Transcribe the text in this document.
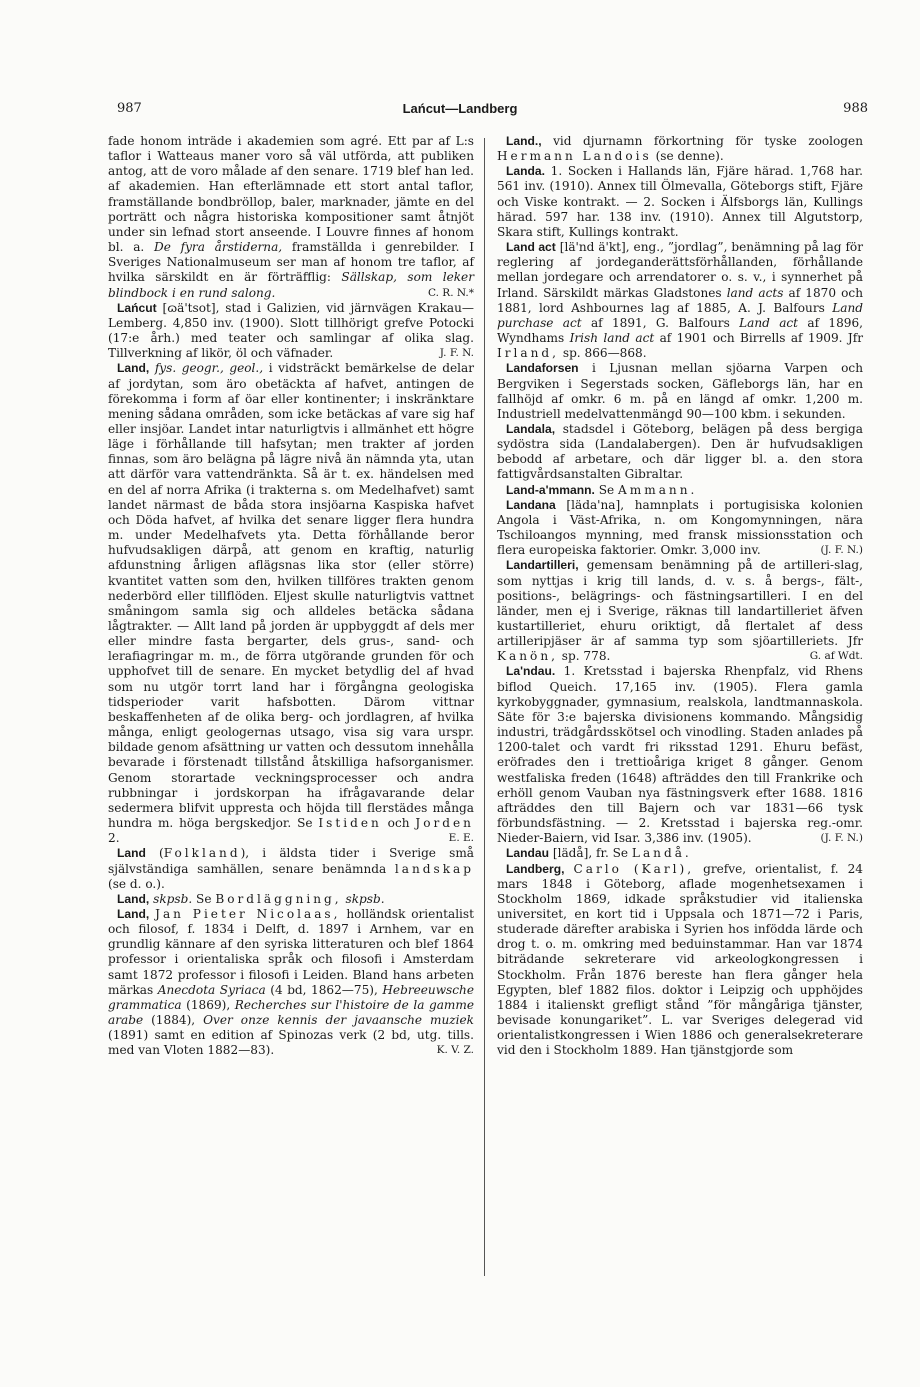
987	Lańcut—Landberg	988

fade honom inträde i akademien som agré. Ett par af L:s taflor i Watteaus maner voro så väl utförda, att publiken antog, att de voro målade af den senare. 1719 blef han led. af akademien. Han efterlämnade ett stort antal taflor, framställande bondbröllop, baler, marknader, jämte en del porträtt och några historiska kompositioner samt åtnjöt under sin lefnad stort anseende. I Louvre finnes af honom bl. a. De fyra årstiderna, framställda i genrebilder. I Sveriges Nationalmuseum ser man af honom tre taflor, af hvilka särskildt en är förträfflig: Sällskap, som leker blindbock i en rund salong.	C. R. N.*

Lańcut [ɷä'tsot], stad i Galizien, vid järnvägen Krakau—Lemberg. 4,850 inv. (1900). Slott tillhörigt grefve Potocki (17:e årh.) med teater och samlingar af olika slag. Tillverkning af likör, öl och väfnader.	J. F. N.

Land, fys. geogr., geol., i vidsträckt bemärkelse de delar af jordytan, som äro obetäckta af hafvet, antingen de förekomma i form af öar eller kontinenter; i inskränktare mening sådana områden, som icke betäckas af vare sig haf eller insjöar. Landet intar naturligtvis i allmänhet ett högre läge i förhållande till hafsytan; men trakter af jorden finnas, som äro belägna på lägre nivå än nämnda yta, utan att därför vara vattendränkta. Så är t. ex. händelsen med en del af norra Afrika (i trakterna s. om Medelhafvet) samt landet närmast de båda stora insjöarna Kaspiska hafvet och Döda hafvet, af hvilka det senare ligger flera hundra m. under Medelhafvets yta. Detta förhållande beror hufvudsakligen därpå, att genom en kraftig, naturlig afdunstning årligen aflägsnas lika stor (eller större) kvantitet vatten som den, hvilken tillföres trakten genom nederbörd eller tillflöden. Eljest skulle naturligtvis vattnet småningom samla sig och alldeles betäcka sådana lågtrakter. — Allt land på jorden är uppbyggdt af dels mer eller mindre fasta bergarter, dels grus-, sand- och lerafiagringar m. m., de förra utgörande grunden för och upphofvet till de senare. En mycket betydlig del af hvad som nu utgör torrt land har i förgångna geologiska tidsperioder varit hafsbotten. Därom vittnar beskaffenheten af de olika berg- och jordlagren, af hvilka många, enligt geologernas utsago, visa sig vara urspr. bildade genom afsättning ur vatten och dessutom innehålla bevarade i förstenadt tillstånd åtskilliga hafsorganismer. Genom storartade veckningsprocesser och andra rubbningar i jordskorpan ha ifrågavarande delar sedermera blifvit uppresta och höjda till flerstädes många hundra m. höga bergskedjor. Se Istiden och Jorden 2.	E. E.

Land (Folkland), i äldsta tider i Sverige små självständiga samhällen, senare benämnda landskap (se d. o.).

Land, skpsb. Se Bordläggning, skpsb.

Land, Jan Pieter Nicolaas, holländsk orientalist och filosof, f. 1834 i Delft, d. 1897 i Arnhem, var en grundlig kännare af den syriska litteraturen och blef 1864 professor i orientaliska språk och filosofi i Amsterdam samt 1872 professor i filosofi i Leiden. Bland hans arbeten märkas Anecdota Syriaca (4 bd, 1862—75), Hebreeuwsche grammatica (1869), Recherches sur l'histoire de la gamme arabe (1884), Over onze kennis der javaansche muziek (1891) samt en edition af Spinozas verk (2 bd, utg. tills. med van Vloten 1882—83).	K. V. Z.

Land., vid djurnamn förkortning för tyske zoologen Hermann Landois (se denne).

Landa. 1. Socken i Hallands län, Fjäre härad. 1,768 har. 561 inv. (1910). Annex till Ölmevalla, Göteborgs stift, Fjäre och Viske kontrakt. — 2. Socken i Älfsborgs län, Kullings härad. 597 har. 138 inv. (1910). Annex till Algutstorp, Skara stift, Kullings kontrakt.

Land act [lä'nd ä'kt], eng., ”jordlag”, benämning på lag för reglering af jordeganderättsförhållanden, förhållande mellan jordegare och arrendatorer o. s. v., i synnerhet på Irland. Särskildt märkas Gladstones land acts af 1870 och 1881, lord Ashbournes lag af 1885, A. J. Balfours Land purchase act af 1891, G. Balfours Land act af 1896, Wyndhams Irish land act af 1901 och Birrells af 1909. Jfr Irland, sp. 866—868.

Landaforsen i Ljusnan mellan sjöarna Varpen och Bergviken i Segerstads socken, Gäfleborgs län, har en fallhöjd af omkr. 6 m. på en längd af omkr. 1,200 m. Industriell medelvattenmängd 90—100 kbm. i sekunden.

Landala, stadsdel i Göteborg, belägen på dess bergiga sydöstra sida (Landalabergen). Den är hufvudsakligen bebodd af arbetare, och där ligger bl. a. den stora fattigvårdsanstalten Gibraltar.

Land-a'mmann. Se Ammann.

Landana [läda'na], hamnplats i portugisiska kolonien Angola i Väst-Afrika, n. om Kongomynningen, nära Tschiloangos mynning, med fransk missionsstation och flera europeiska faktorier. Omkr. 3,000 inv.	(J. F. N.)

Landartilleri, gemensam benämning på de artilleri-slag, som nyttjas i krig till lands, d. v. s. å bergs-, fält-, positions-, belägrings- och fästningsartilleri. I en del länder, men ej i Sverige, räknas till landartilleriet äfven kustartilleriet, ehuru oriktigt, då flertalet af dess artilleripjäser är af samma typ som sjöartilleriets. Jfr Kanön, sp. 778.	G. af Wdt.

La'ndau. 1. Kretsstad i bajerska Rhenpfalz, vid Rhens biflod Queich. 17,165 inv. (1905). Flera gamla kyrkobyggnader, gymnasium, realskola, landtmannaskola. Säte för 3:e bajerska divisionens kommando. Mångsidig industri, trädgårdsskötsel och vinodling. Staden anlades på 1200-talet och vardt fri riksstad 1291. Ehuru befäst, eröfrades den i trettioåriga kriget 8 gånger. Genom westfaliska freden (1648) afträddes den till Frankrike och erhöll genom Vauban nya fästningsverk efter 1688. 1816 afträddes den till Bajern och var 1831—66 tysk förbundsfästning. — 2. Kretsstad i bajerska reg.-omr. Nieder-Baiern, vid Isar. 3,386 inv. (1905).	(J. F. N.)

Landau [lädå], fr. Se Landå.

Landberg, Carlo (Karl), grefve, orientalist, f. 24 mars 1848 i Göteborg, aflade mogenhetsexamen i Stockholm 1869, idkade språkstudier vid italienska universitet, en kort tid i Uppsala och 1871—72 i Paris, studerade därefter arabiska i Syrien hos infödda lärde och drog t. o. m. omkring med beduinstammar. Han var 1874 biträdande sekreterare vid arkeologkongressen i Stockholm. Från 1876 bereste han flera gånger hela Egypten, blef 1882 filos. doktor i Leipzig och upphöjdes 1884 i italienskt grefligt stånd ”för mångåriga tjänster, bevisade konungariket”. L. var Sveriges delegerad vid orientalistkongressen i Wien 1886 och generalsekreterare vid den i Stockholm 1889. Han tjänstgjorde som
